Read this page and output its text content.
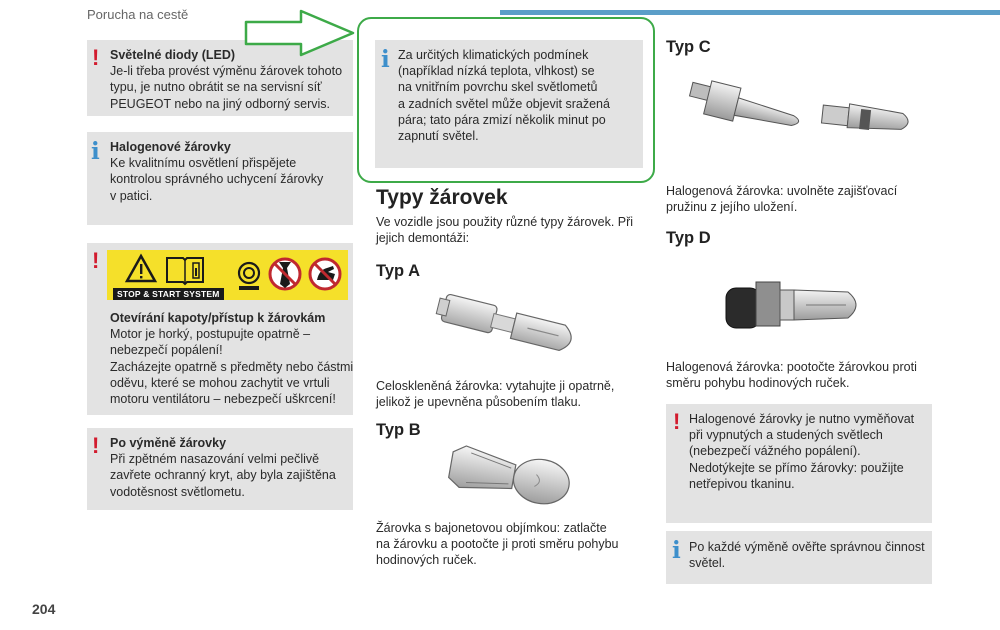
Porucha na cestě
! Světelné diody (LED)
Je-li třeba provést výměnu žárovek tohoto
typu, je nutno obrátit se na servisní síť
PEUGEOT nebo na jiný odborný servis.
i Halogenové žárovky
Ke kvalitnímu osvětlení přispějete
kontrolou správného uchycení žárovky
v patici.
!
STOP & START SYSTEM
Otevírání kapoty/přístup k žárovkám
Motor je horký, postupujte opatrně –
nebezpečí popálení!
Zacházejte opatrně s předměty nebo částmi
oděvu, které se mohou zachytit ve vrtuli
motoru ventilátoru – nebezpečí uškrcení!
! Po výměně žárovky
Při zpětném nasazování velmi pečlivě
zavřete ochranný kryt, aby byla zajištěna
vodotěsnost světlometu.
204
i Za určitých klimatických podmínek
(například nízká teplota, vlhkost) se
na vnitřním povrchu skel světlometů
a zadních světel může objevit sražená
pára; tato pára zmizí několik minut po
zapnutí světel.
Typy žárovek
Ve vozidle jsou použity různé typy žárovek. Při
jejich demontáži:
Typ A
Celoskleněná žárovka: vytahujte ji opatrně,
jelikož je upevněna působením tlaku.
Typ B
Žárovka s bajonetovou objímkou: zatlačte
na žárovku a pootočte ji proti směru pohybu
hodinových ruček.
Typ C
Halogenová žárovka: uvolněte zajišťovací
pružinu z jejího uložení.
Typ D
Halogenová žárovka: pootočte žárovkou proti
směru pohybu hodinových ruček.
! Halogenové žárovky je nutno vyměňovat
při vypnutých a studených světlech
(nebezpečí vážného popálení).
Nedotýkejte se přímo žárovky: použijte
netřepivou tkaninu.
i Po každé výměně ověřte správnou činnost
světel.
